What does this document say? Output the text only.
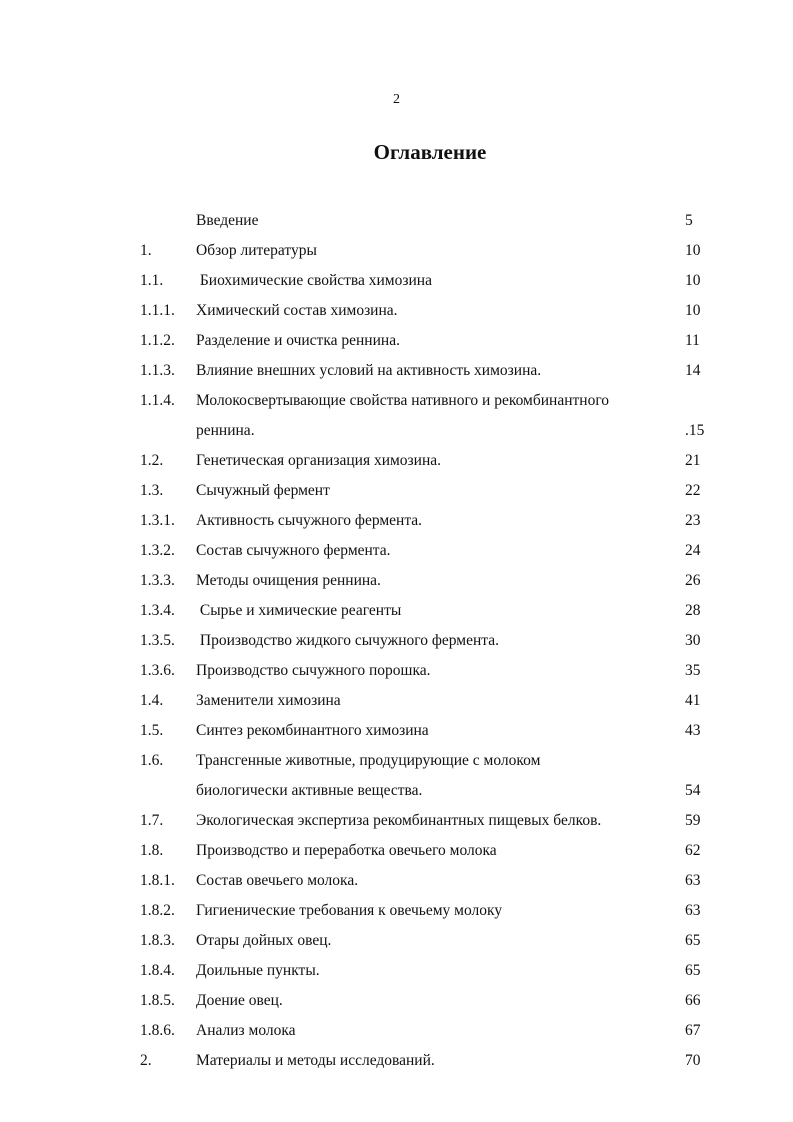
2
Оглавление
Введение	5
1.	Обзор литературы	10
1.1. Биохимические свойства химозина	10
1.1.1. Химический состав химозина.	10
1.1.2. Разделение и очистка реннина.	11
1.1.3. Влияние внешних условий на активность химозина.	14
1.1.4. Молокосвертывающие свойства нативного и рекомбинантного
реннина.	.15
1.2. Генетическая организация химозина.	21
1.3. Сычужный фермент	22
1.3.1. Активность сычужного фермента.	23
1.3.2. Состав сычужного фермента.	24
1.3.3. Методы очищения реннина.	26
1.3.4. Сырье и химические реагенты	28
1.3.5. Производство жидкого сычужного фермента.	30
1.3.6. Производство сычужного порошка.	35
1.4. Заменители химозина	41
1.5. Синтез рекомбинантного химозина	43
1.6. Трансгенные животные, продуцирующие с молоком
биологически активные вещества.	54
1.7. Экологическая экспертиза рекомбинантных пищевых белков.	59
1.8. Производство и переработка овечьего молока	62
1.8.1. Состав овечьего молока.	63
1.8.2. Гигиенические требования к овечьему молоку	63
1.8.3. Отары дойных овец.	65
1.8.4. Доильные пункты.	65
1.8.5. Доение овец.	66
1.8.6. Анализ молока	67
2.	Материалы и методы исследований.	70
